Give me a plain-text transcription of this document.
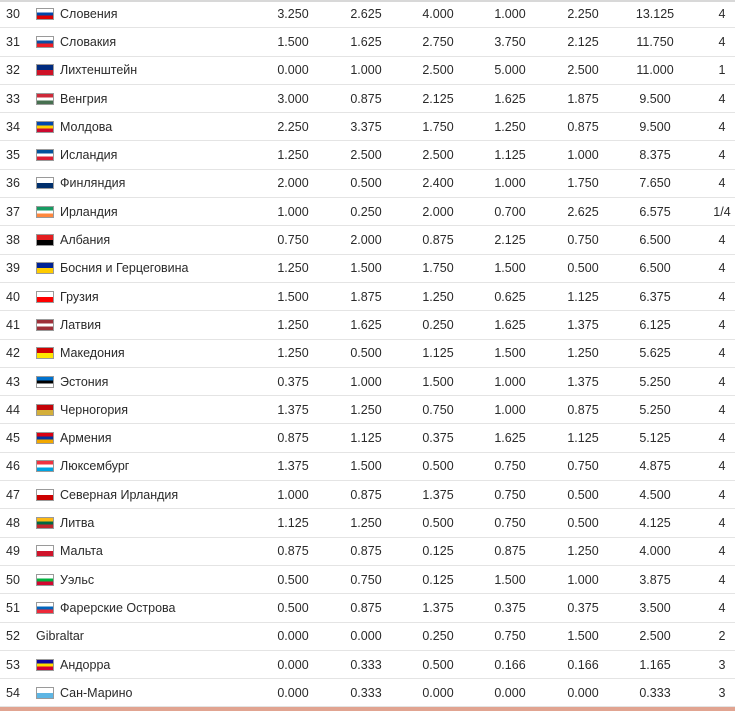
30	Словения	3.250	2.625	4.000	1.000	2.250	13.125	4
31	Словакия	1.500	1.625	2.750	3.750	2.125	11.750	4
32	Лихтенштейн	0.000	1.000	2.500	5.000	2.500	11.000	1
33	Венгрия	3.000	0.875	2.125	1.625	1.875	9.500	4
34	Молдова	2.250	3.375	1.750	1.250	0.875	9.500	4
35	Исландия	1.250	2.500	2.500	1.125	1.000	8.375	4
36	Финляндия	2.000	0.500	2.400	1.000	1.750	7.650	4
37	Ирландия	1.000	0.250	2.000	0.700	2.625	6.575	1/4
38	Албания	0.750	2.000	0.875	2.125	0.750	6.500	4
39	Босния и Герцеговина	1.250	1.500	1.750	1.500	0.500	6.500	4
40	Грузия	1.500	1.875	1.250	0.625	1.125	6.375	4
41	Латвия	1.250	1.625	0.250	1.625	1.375	6.125	4
42	Македония	1.250	0.500	1.125	1.500	1.250	5.625	4
43	Эстония	0.375	1.000	1.500	1.000	1.375	5.250	4
44	Черногория	1.375	1.250	0.750	1.000	0.875	5.250	4
45	Армения	0.875	1.125	0.375	1.625	1.125	5.125	4
46	Люксембург	1.375	1.500	0.500	0.750	0.750	4.875	4
47	Северная Ирландия	1.000	0.875	1.375	0.750	0.500	4.500	4
48	Литва	1.125	1.250	0.500	0.750	0.500	4.125	4
49	Мальта	0.875	0.875	0.125	0.875	1.250	4.000	4
50	Уэльс	0.500	0.750	0.125	1.500	1.000	3.875	4
51	Фарерские Острова	0.500	0.875	1.375	0.375	0.375	3.500	4
52	Gibraltar	0.000	0.000	0.250	0.750	1.500	2.500	2
53	Андорра	0.000	0.333	0.500	0.166	0.166	1.165	3
54	Сан-Марино	0.000	0.333	0.000	0.000	0.000	0.333	3
